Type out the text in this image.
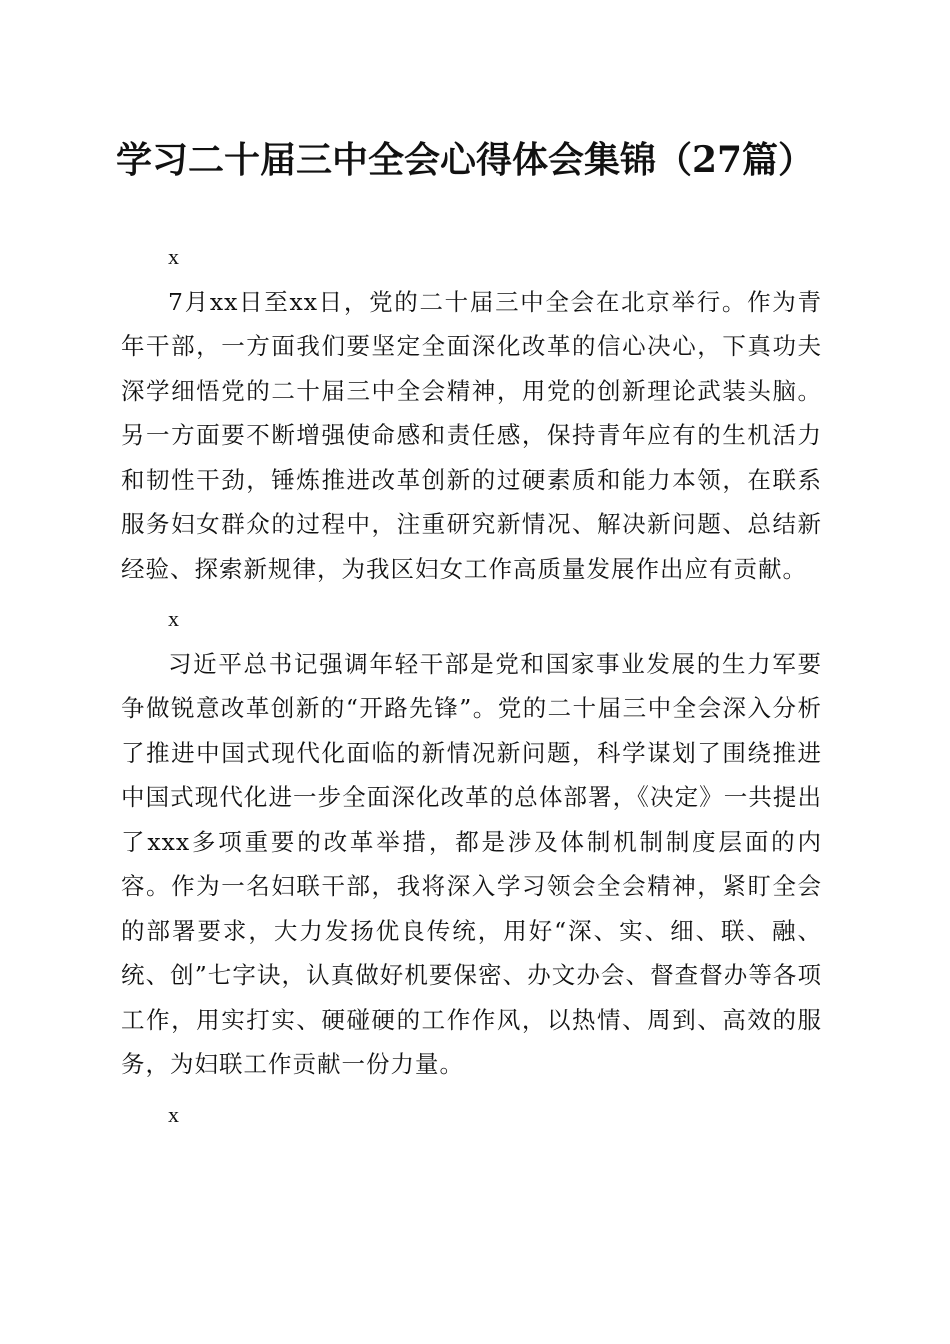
学习二十届三中全会心得体会集锦（27篇）

x

7月xx日至xx日，党的二十届三中全会在北京举行。作为青年干部，一方面我们要坚定全面深化改革的信心决心，下真功夫深学细悟党的二十届三中全会精神，用党的创新理论武装头脑。另一方面要不断增强使命感和责任感，保持青年应有的生机活力和韧性干劲，锤炼推进改革创新的过硬素质和能力本领，在联系服务妇女群众的过程中，注重研究新情况、解决新问题、总结新经验、探索新规律，为我区妇女工作高质量发展作出应有贡献。

x

习近平总书记强调年轻干部是党和国家事业发展的生力军要争做锐意改革创新的“开路先锋”。党的二十届三中全会深入分析了推进中国式现代化面临的新情况新问题，科学谋划了围绕推进中国式现代化进一步全面深化改革的总体部署，《决定》一共提出了xxx多项重要的改革举措，都是涉及体制机制制度层面的内容。作为一名妇联干部，我将深入学习领会全会精神，紧盯全会的部署要求，大力发扬优良传统，用好“深、实、细、联、融、统、创”七字诀，认真做好机要保密、办文办会、督查督办等各项工作，用实打实、硬碰硬的工作作风，以热情、周到、高效的服务，为妇联工作贡献一份力量。

x
